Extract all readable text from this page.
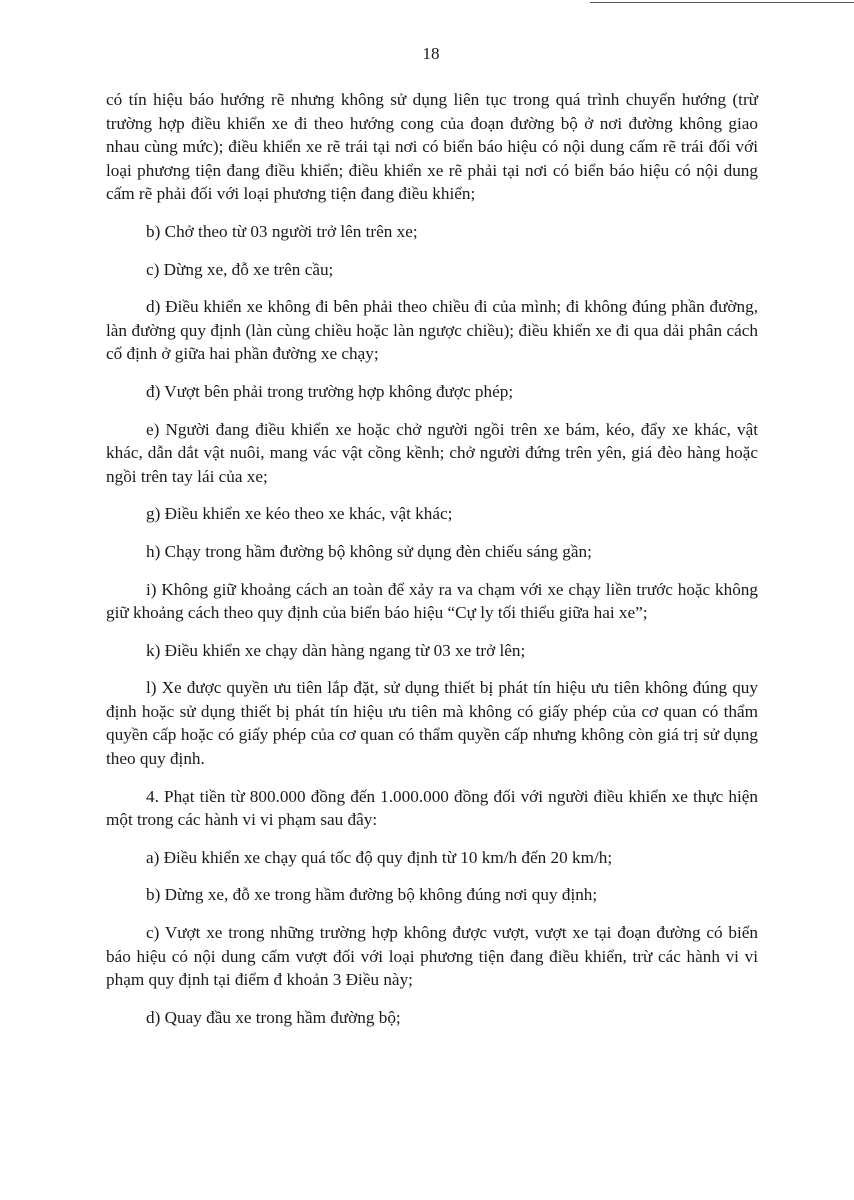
18

có tín hiệu báo hướng rẽ nhưng không sử dụng liên tục trong quá trình chuyển hướng (trừ trường hợp điều khiển xe đi theo hướng cong của đoạn đường bộ ở nơi đường không giao nhau cùng mức); điều khiển xe rẽ trái tại nơi có biển báo hiệu có nội dung cấm rẽ trái đối với loại phương tiện đang điều khiển; điều khiển xe rẽ phải tại nơi có biển báo hiệu có nội dung cấm rẽ phải đối với loại phương tiện đang điều khiển;

b) Chở theo từ 03 người trở lên trên xe;

c) Dừng xe, đỗ xe trên cầu;

d) Điều khiển xe không đi bên phải theo chiều đi của mình; đi không đúng phần đường, làn đường quy định (làn cùng chiều hoặc làn ngược chiều); điều khiển xe đi qua dải phân cách cố định ở giữa hai phần đường xe chạy;

đ) Vượt bên phải trong trường hợp không được phép;

e) Người đang điều khiển xe hoặc chở người ngồi trên xe bám, kéo, đẩy xe khác, vật khác, dẫn dắt vật nuôi, mang vác vật cồng kềnh; chở người đứng trên yên, giá đèo hàng hoặc ngồi trên tay lái của xe;

g) Điều khiển xe kéo theo xe khác, vật khác;

h) Chạy trong hầm đường bộ không sử dụng đèn chiếu sáng gần;

i) Không giữ khoảng cách an toàn để xảy ra va chạm với xe chạy liền trước hoặc không giữ khoảng cách theo quy định của biển báo hiệu “Cự ly tối thiểu giữa hai xe”;

k) Điều khiển xe chạy dàn hàng ngang từ 03 xe trở lên;

l) Xe được quyền ưu tiên lắp đặt, sử dụng thiết bị phát tín hiệu ưu tiên không đúng quy định hoặc sử dụng thiết bị phát tín hiệu ưu tiên mà không có giấy phép của cơ quan có thẩm quyền cấp hoặc có giấy phép của cơ quan có thẩm quyền cấp nhưng không còn giá trị sử dụng theo quy định.

4. Phạt tiền từ 800.000 đồng đến 1.000.000 đồng đối với người điều khiển xe thực hiện một trong các hành vi vi phạm sau đây:

a) Điều khiển xe chạy quá tốc độ quy định từ 10 km/h đến 20 km/h;

b) Dừng xe, đỗ xe trong hầm đường bộ không đúng nơi quy định;

c) Vượt xe trong những trường hợp không được vượt, vượt xe tại đoạn đường có biển báo hiệu có nội dung cấm vượt đối với loại phương tiện đang điều khiển, trừ các hành vi vi phạm quy định tại điểm đ khoản 3 Điều này;

d) Quay đầu xe trong hầm đường bộ;
